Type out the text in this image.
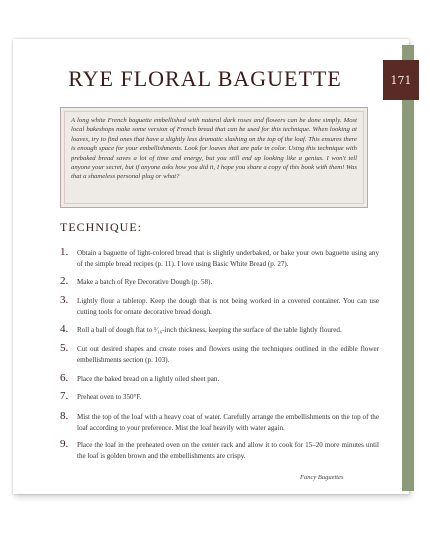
171
RYE FLORAL BAGUETTE

A long white French baguette embellished with natural dark roses and flowers can be done simply. Most local bakeshops make some version of French bread that can be used for this technique. When looking at loaves, try to find ones that have a slightly less dramatic slashing on the top of the loaf. This ensures there is enough space for your embellishments. Look for loaves that are pale in color. Using this technique with prebaked bread saves a lot of time and energy, but you still end up looking like a genius. I won't tell anyone your secret, but if anyone asks how you did it, I hope you share a copy of this book with them! Was that a shameless personal plug or what?

TECHNIQUE:
1. Obtain a baguette of light-colored bread that is slightly underbaked, or bake your own baguette using any of the simple bread recipes (p. 11). I love using Basic White Bread (p. 27).

2. Make a batch of Rye Decorative Dough (p. 58).

3. Lightly flour a tabletop. Keep the dough that is not being worked in a covered container. You can use cutting tools for ornate decorative bread dough.

4. Roll a ball of dough flat to ¹⁄₁₆-inch thickness, keeping the surface of the table lightly floured.

5. Cut out desired shapes and create roses and flowers using the techniques outlined in the edible flower embellishments section (p. 103).

6. Place the baked bread on a lightly oiled sheet pan.

7. Preheat oven to 350°F.

8. Mist the top of the loaf with a heavy coat of water. Carefully arrange the embellishments on the top of the loaf according to your preference. Mist the loaf heavily with water again.

9. Place the loaf in the preheated oven on the center rack and allow it to cook for 15–20 more minutes until the loaf is golden brown and the embellishments are crispy.

Fancy Baguettes
